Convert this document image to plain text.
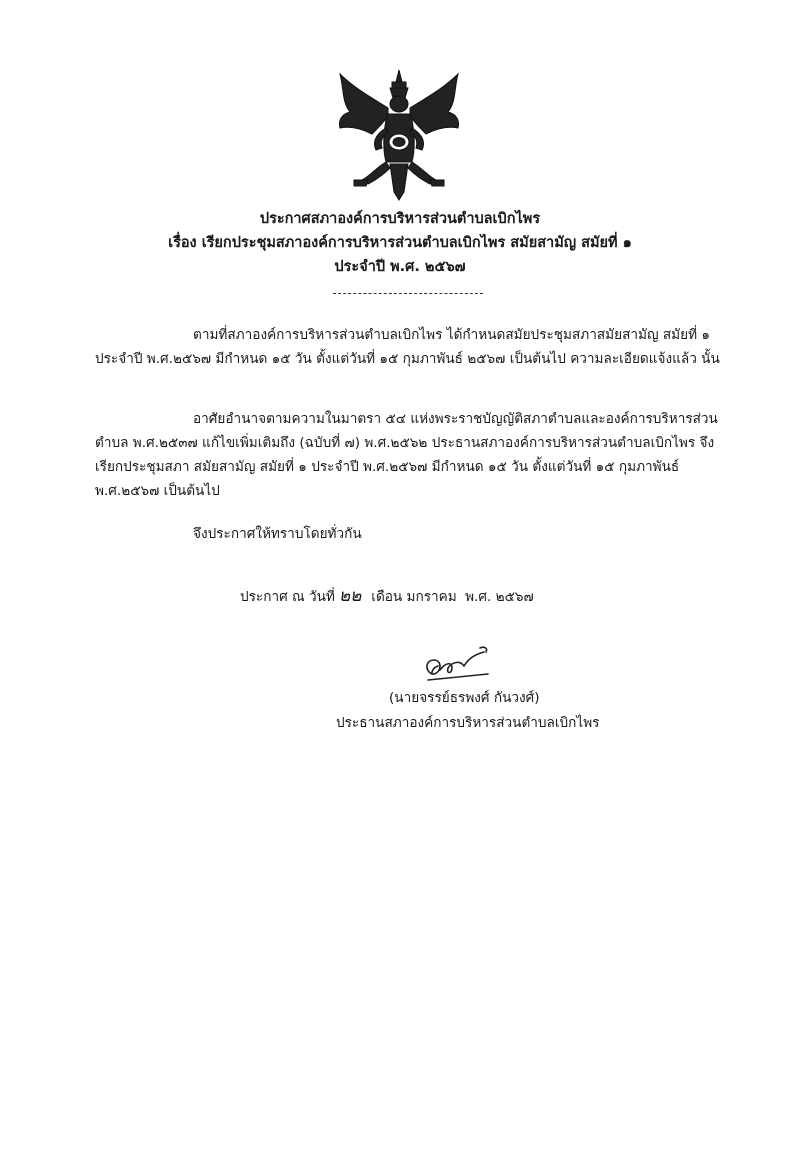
ประกาศสภาองค์การบริหารส่วนตำบลเบิกไพร
เรื่อง เรียกประชุมสภาองค์การบริหารส่วนตำบลเบิกไพร สมัยสามัญ สมัยที่ ๑
ประจำปี พ.ศ. ๒๕๖๗
ตามที่สภาองค์การบริหารส่วนตำบลเบิกไพร ได้กำหนดสมัยประชุมสภาสมัยสามัญ สมัยที่ ๑ ประจำปี พ.ศ.๒๕๖๗ มีกำหนด ๑๕ วัน ตั้งแต่วันที่ ๑๕ กุมภาพันธ์ ๒๕๖๗ เป็นต้นไป ความละเอียดแจ้งแล้ว นั้น
อาศัยอำนาจตามความในมาตรา ๕๔ แห่งพระราชบัญญัติสภาตำบลและองค์การบริหารส่วนตำบล พ.ศ.๒๕๓๗ แก้ไขเพิ่มเติมถึง (ฉบับที่ ๗) พ.ศ.๒๕๖๒ ประธานสภาองค์การบริหารส่วนตำบลเบิกไพร จึงเรียกประชุมสภา สมัยสามัญ สมัยที่ ๑ ประจำปี พ.ศ.๒๕๖๗ มีกำหนด ๑๕ วัน ตั้งแต่วันที่ ๑๕ กุมภาพันธ์ พ.ศ.๒๕๖๗ เป็นต้นไป
จึงประกาศให้ทราบโดยทั่วกัน
ประกาศ ณ วันที่ ๒๒ เดือน มกราคม พ.ศ. ๒๕๖๗
(นายจรรย์ธรพงศ์ กันวงศ์)
ประธานสภาองค์การบริหารส่วนตำบลเบิกไพร
